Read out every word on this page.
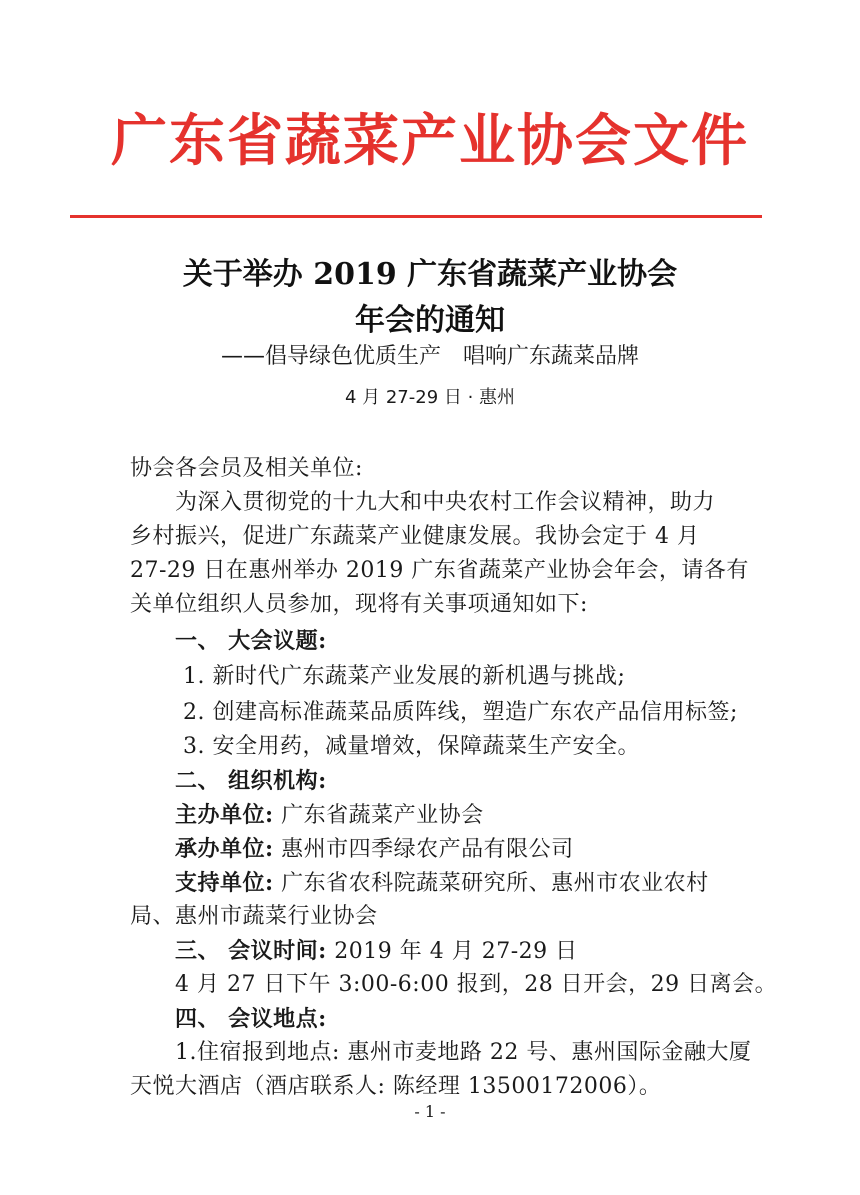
广东省蔬菜产业协会文件
关于举办 2019 广东省蔬菜产业协会
年会的通知
——倡导绿色优质生产　唱响广东蔬菜品牌
4 月 27-29 日 · 惠州
协会各会员及相关单位:
为深入贯彻党的十九大和中央农村工作会议精神，助力
乡村振兴，促进广东蔬菜产业健康发展。我协会定于 4 月
27-29 日在惠州举办 2019 广东省蔬菜产业协会年会，请各有
关单位组织人员参加，现将有关事项通知如下:
一、 大会议题:
1. 新时代广东蔬菜产业发展的新机遇与挑战;
2. 创建高标准蔬菜品质阵线，塑造广东农产品信用标签;
3. 安全用药，减量增效，保障蔬菜生产安全。
二、 组织机构:
主办单位: 广东省蔬菜产业协会
承办单位: 惠州市四季绿农产品有限公司
支持单位: 广东省农科院蔬菜研究所、惠州市农业农村
局、惠州市蔬菜行业协会
三、 会议时间: 2019 年 4 月 27-29 日
4 月 27 日下午 3:00-6:00 报到，28 日开会，29 日离会。
四、 会议地点:
1.住宿报到地点: 惠州市麦地路 22 号、惠州国际金融大厦
天悦大酒店（酒店联系人: 陈经理 13500172006）。
- 1 -
